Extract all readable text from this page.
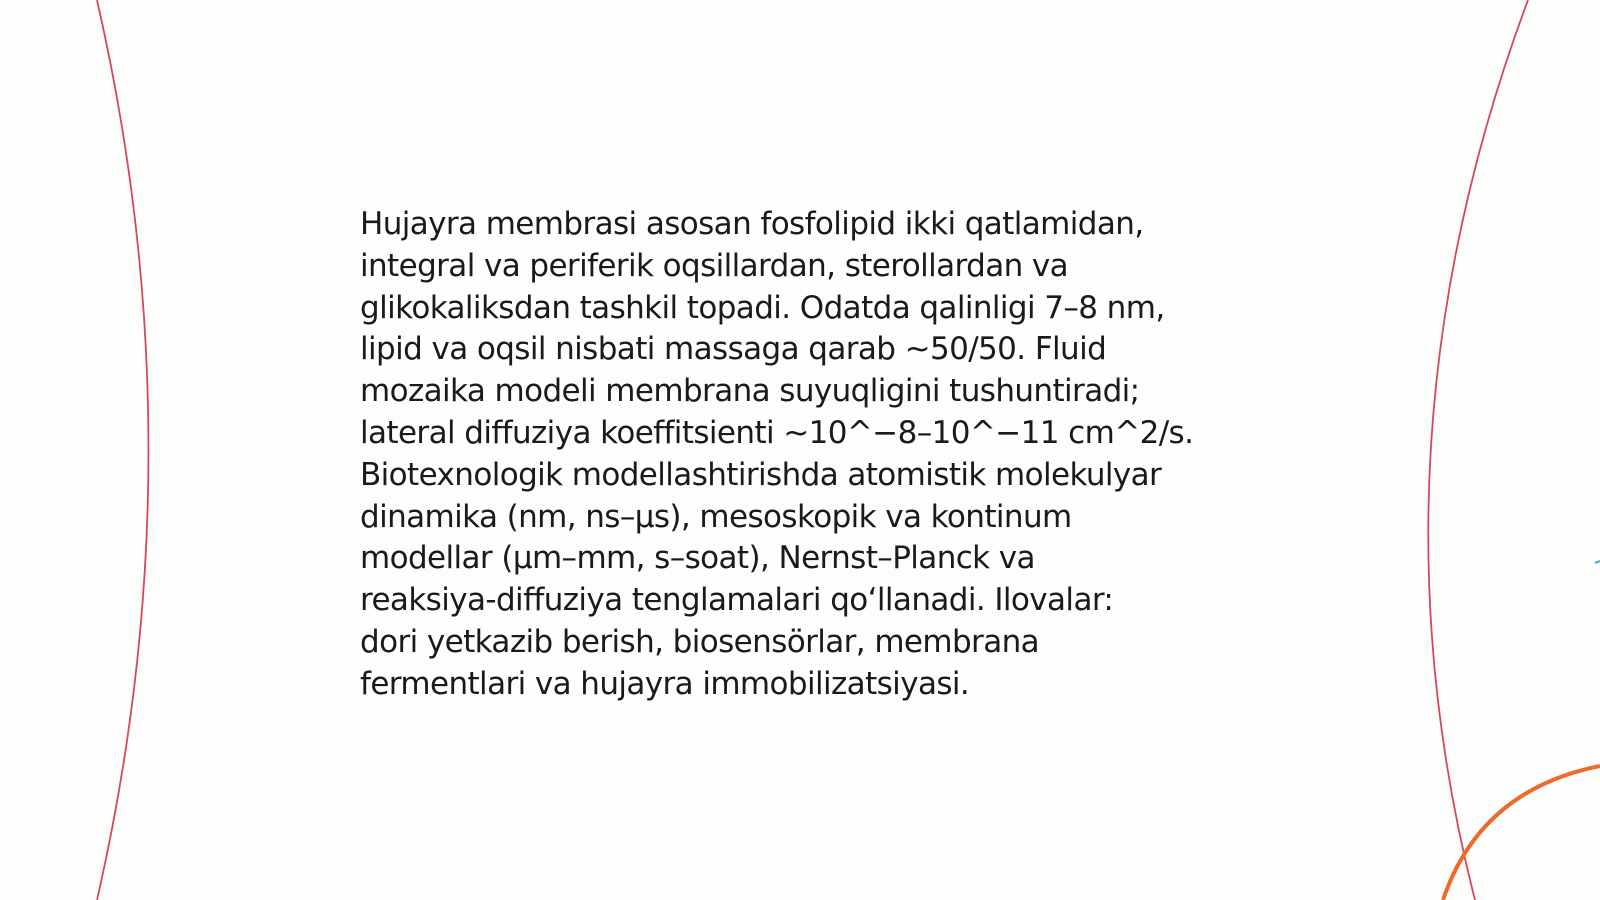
Hujayra membrasi asosan fosfolipid ikki qatlamidan,
integral va periferik oqsillardan, sterollardan va
glikokaliksdan tashkil topadi. Odatda qalinligi 7–8 nm,
lipid va oqsil nisbati massaga qarab ~50/50. Fluid
mozaika modeli membrana suyuqligini tushuntiradi;
lateral diffuziya koeffitsienti ~10^−8–10^−11 cm^2/s.
Biotexnologik modellashtirishda atomistik molekulyar
dinamika (nm, ns–µs), mesoskopik va kontinum
modellar (µm–mm, s–soat), Nernst–Planck va
reaksiya-diffuziya tenglamalari qo‘llanadi. Ilovalar:
dori yetkazib berish, biosensörlar, membrana
fermentlari va hujayra immobilizatsiyasi.
